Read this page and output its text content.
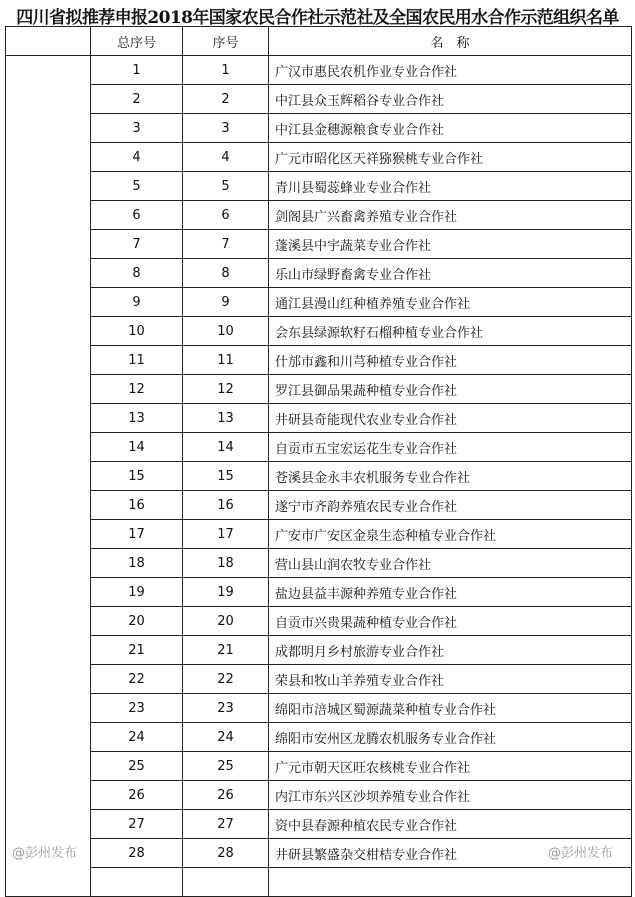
四川省拟推荐申报2018年国家农民合作社示范社及全国农民用水合作示范组织名单
	总序号	序号	名　称
	1	1	广汉市惠民农机作业专业合作社
	2	2	中江县众玉辉稻谷专业合作社
	3	3	中江县金穗源粮食专业合作社
	4	4	广元市昭化区天祥猕猴桃专业合作社
	5	5	青川县蜀蕊蜂业专业合作社
	6	6	剑阁县广兴畜禽养殖专业合作社
	7	7	蓬溪县中宇蔬菜专业合作社
	8	8	乐山市绿野畜禽专业合作社
	9	9	通江县漫山红种植养殖专业合作社
	10	10	会东县绿源软籽石榴种植专业合作社
	11	11	什邡市鑫和川芎种植专业合作社
	12	12	罗江县御品果蔬种植专业合作社
	13	13	井研县奇能现代农业专业合作社
	14	14	自贡市五宝宏运花生专业合作社
	15	15	苍溪县金永丰农机服务专业合作社
	16	16	遂宁市齐韵养殖农民专业合作社
	17	17	广安市广安区金泉生态种植专业合作社
	18	18	营山县山润农牧专业合作社
	19	19	盐边县益丰源种养殖专业合作社
	20	20	自贡市兴贵果蔬种植专业合作社
	21	21	成都明月乡村旅游专业合作社
	22	22	荣县和牧山羊养殖专业合作社
	23	23	绵阳市涪城区蜀源蔬菜种植专业合作社
	24	24	绵阳市安州区龙腾农机服务专业合作社
	25	25	广元市朝天区旺农核桃专业合作社
	26	26	内江市东兴区沙坝养殖专业合作社
	27	27	资中县春源种植农民专业合作社
	28	28	井研县繁盛杂交柑桔专业合作社

@彭州发布	@彭州发布
